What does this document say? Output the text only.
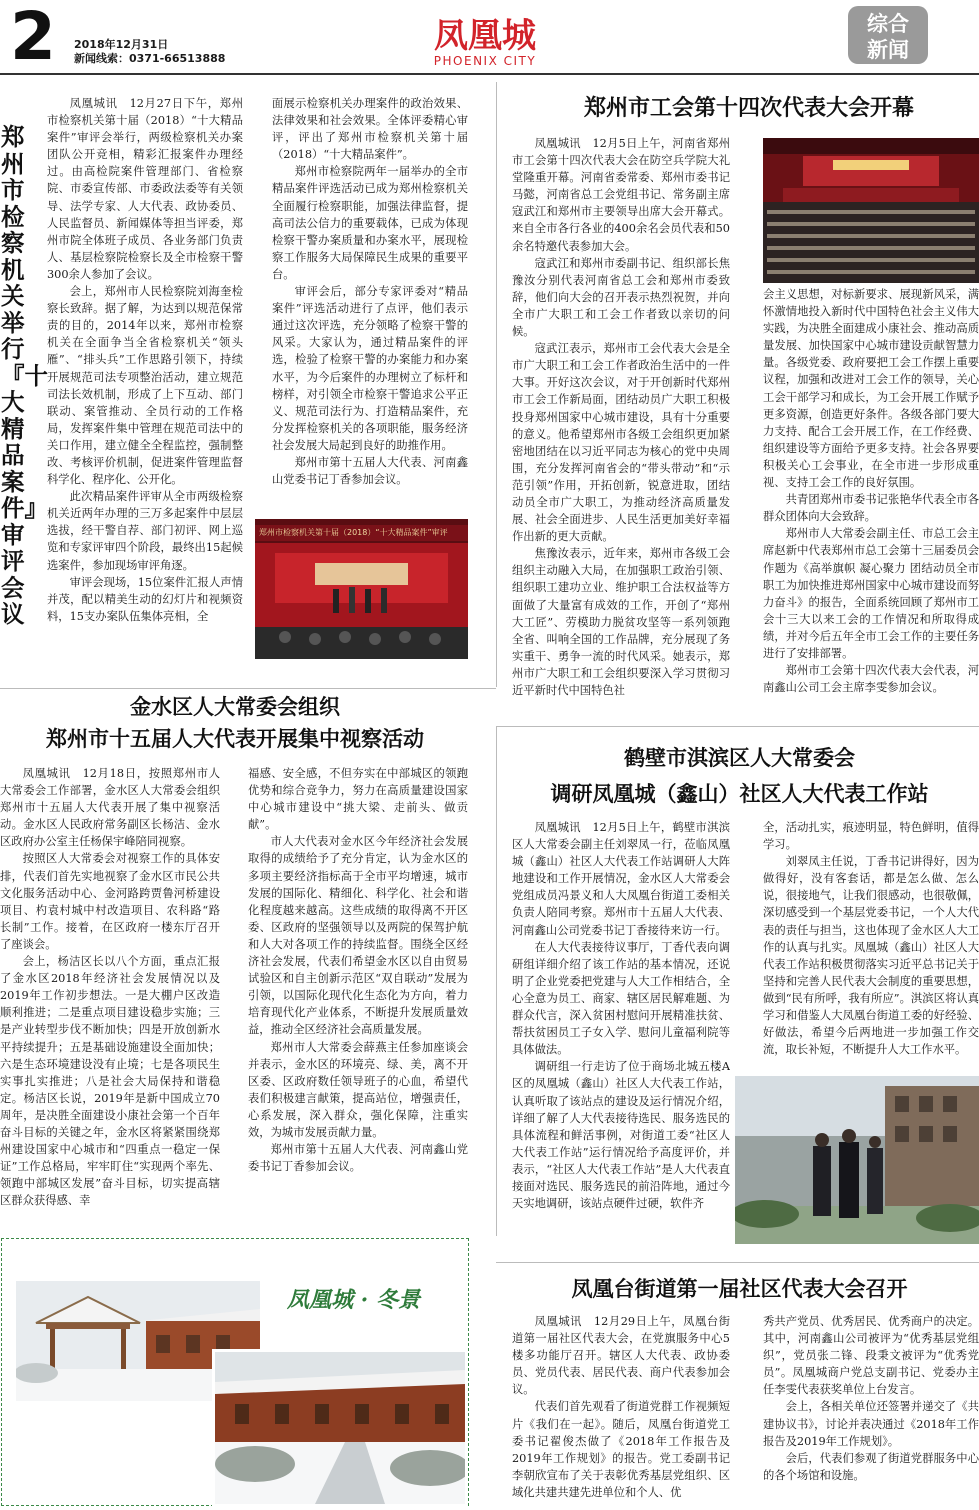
2 2018年12月31日
新闻线索：0371-66513888
凤凰城
PHOENIX CITY
综合新闻
郑州市检察机关举行『十大精品案件』审评会议

凤凰城讯　12月27日下午，郑州市检察机关第十届（2018）“十大精品案件”审评会举行，两级检察机关办案团队公开竞相，精彩汇报案件办理经过。由高检院案件管理部门、省检察院、市委宣传部、市委政法委等有关领导、法学专家、人大代表、政协委员、人民监督员、新闻媒体等担当评委，郑州市院全体班子成员、各业务部门负责人、基层检察院检察长及全市检察干警300余人参加了会议。

会上，郑州市人民检察院刘海奎检察长致辞。据了解，为达到以规范保常责的目的，2014年以来，郑州市检察机关在全面争当全省检察机关“领头雁”、“排头兵”工作思路引领下，持续开展规范司法专项整治活动，建立规范司法长效机制，形成了上下互动、部门联动、案管推动、全员行动的工作格局，发挥案件集中管理在规范司法中的关口作用，建立健全全程监控，强制整改、考核评价机制，促进案件管理监督科学化、程序化、公开化。

此次精品案件评审从全市两级检察机关近两年办理的三万多起案件中层层选拔，经干警自荐、部门初评、网上巡览和专家评审四个阶段，最终出15起候选案件，参加现场审评角逐。

审评会现场，15位案件汇报人声情并茂，配以精美生动的幻灯片和视频资料，15支办案队伍集体亮相，全

面展示检察机关办理案件的政治效果、法律效果和社会效果。全体评委精心审评，评出了郑州市检察机关第十届（2018）“十大精品案件”。

郑州市检察院两年一届举办的全市精品案件评选活动已成为郑州检察机关全面履行检察职能，加强法律监督，提高司法公信力的重要载体，已成为体现检察干警办案质量和办案水平，展现检察工作服务大局保障民生成果的重要平台。

审评会后，部分专家评委对“精品案件”评选活动进行了点评，他们表示通过这次评选，充分领略了检察干警的风采。大家认为，通过精品案件的评选，检验了检察干警的办案能力和办案水平，为今后案件的办理树立了标杆和榜样，对引领全市检察干警追求公平正义、规范司法行为、打造精品案件，充分发挥检察机关的各项职能，服务经济社会发展大局起到良好的助推作用。

郑州市第十五届人大代表、河南鑫山党委书记丁香参加会议。

郑州市检察机关第十届（2018）“十大精品案件”审评
郑州市工会第十四次代表大会开幕

凤凰城讯　12月5日上午，河南省郑州市工会第十四次代表大会在防空兵学院大礼堂隆重开幕。河南省委常委、郑州市委书记马懿，河南省总工会党组书记、常务副主席寇武江和郑州市主要领导出席大会开幕式。来自全市各行各业的400余名会员代表和50余名特邀代表参加大会。

寇武江和郑州市委副书记、组织部长焦豫汝分别代表河南省总工会和郑州市委致辞，他们向大会的召开表示热烈祝贺，并向全市广大职工和工会工作者致以亲切的问候。

寇武江表示，郑州市工会代表大会是全市广大职工和工会工作者政治生活中的一件大事。开好这次会议，对于开创新时代郑州市工会工作新局面，团结动员广大职工积极投身郑州国家中心城市建设，具有十分重要的意义。他希望郑州市各级工会组织更加紧密地团结在以习近平同志为核心的党中央周围，充分发挥河南省会的“带头带动”和“示范引领”作用，开拓创新，锐意进取，团结动员全市广大职工，为推动经济高质量发展、社会全面进步、人民生活更加美好幸福作出新的更大贡献。

焦豫汝表示，近年来，郑州市各级工会组织主动融入大局，在加强职工政治引领、组织职工建功立业、维护职工合法权益等方面做了大量富有成效的工作，开创了“郑州大工匠”、劳模助力脱贫攻坚等一系列领跑全省、叫响全国的工作品牌，充分展现了务实重干、勇争一流的时代风采。她表示，郑州市广大职工和工会组织要深入学习贯彻习近平新时代中国特色社

会主义思想，对标新要求、展现新风采，满怀激情地投入新时代中国特色社会主义伟大实践，为决胜全面建成小康社会、推动高质量发展、加快国家中心城市建设贡献智慧力量。各级党委、政府要把工会工作摆上重要议程，加强和改进对工会工作的领导，关心工会干部学习和成长，为工会开展工作赋予更多资源，创造更好条件。各级各部门要大力支持、配合工会开展工作，在工作经费、组织建设等方面给予更多支持。社会各界要积极关心工会事业，在全市进一步形成重视、支持工会工作的良好氛围。

共青团郑州市委书记张艳华代表全市各群众团体向大会致辞。

郑州市人大常委会副主任、市总工会主席赵新中代表郑州市总工会第十三届委员会作题为《高举旗帜 凝心聚力 团结动员全市职工为加快推进郑州国家中心城市建设而努力奋斗》的报告，全面系统回顾了郑州市工会十三大以来工会的工作情况和所取得成绩，并对今后五年全市工会工作的主要任务进行了安排部署。

郑州市工会第十四次代表大会代表，河南鑫山公司工会主席李雯参加会议。

金水区人大常委会组织
郑州市十五届人大代表开展集中视察活动

凤凰城讯　12月18日，按照郑州市人大常委会工作部署，金水区人大常委会组织郑州市十五届人大代表开展了集中视察活动。金水区人民政府常务副区长杨洁、金水区政府办公室主任杨保宇峰陪同视察。

按照区人大常委会对视察工作的具体安排，代表们首先实地视察了金水区市民公共文化服务活动中心、金河路跨贾鲁河桥建设项目、杓袁村城中村改造项目、农科路“路长制”工作。接着，在区政府一楼东厅召开了座谈会。

会上，杨洁区长以八个方面，重点汇报了金水区2018年经济社会发展情况以及2019年工作初步想法。一是大棚户区改造顺利推进；二是重点项目建设稳步实施；三是产业转型步伐不断加快；四是开放创新水平持续提升；五是基础设施建设全面加快；六是生态环境建设没有止境；七是各项民生实事扎实推进；八是社会大局保持和谐稳定。杨洁区长说，2019年是新中国成立70周年，是决胜全面建设小康社会第一个百年奋斗目标的关键之年，金水区将紧紧围绕郑州建设国家中心城市和“四重点一稳定一保证”工作总格局，牢牢盯住“实现两个率先、领跑中部城区发展”奋斗目标，切实提高辖区群众获得感、幸

福感、安全感，不但夯实在中部城区的领跑优势和综合竞争力，努力在高质量建设国家中心城市建设中“挑大梁、走前头、做贡献”。

市人大代表对金水区今年经济社会发展取得的成绩给予了充分肯定，认为金水区的多项主要经济指标高于全市平均增速，城市发展的国际化、精细化、科学化、社会和谐化程度越来越高。这些成绩的取得离不开区委、区政府的坚强领导以及两院的保驾护航和人大对各项工作的持续监督。围绕全区经济社会发展，代表们希望金水区以自由贸易试验区和自主创新示范区“双自联动”发展为引领，以国际化现代化生态化为方向，着力培育现代化产业体系，不断提升发展质量效益，推动全区经济社会高质量发展。

郑州市人大常委会薛燕主任参加座谈会并表示，金水区的环境亮、绿、美，离不开区委、区政府数任领导班子的心血，希望代表们积极建言献策，提高站位，增强责任，心系发展，深入群众，强化保障，注重实效，为城市发展贡献力量。

郑州市第十五届人大代表、河南鑫山党委书记丁香参加会议。

鹤壁市淇滨区人大常委会
调研凤凰城（鑫山）社区人大代表工作站

凤凰城讯　12月5日上午，鹤壁市淇滨区人大常委会副主任刘翠凤一行，莅临凤凰城（鑫山）社区人大代表工作站调研人大阵地建设和工作开展情况，金水区人大常委会党组成员冯景义和人大凤凰台街道工委相关负责人陪同考察。郑州市十五届人大代表、河南鑫山公司党委书记丁香接待来访一行。

在人大代表接待议事厅，丁香代表向调研组详细介绍了该工作站的基本情况，还说明了企业党委把党建与人大工作相结合，全心全意为员工、商家、辖区居民解难题、为群众代言，深入贫困村慰问开展精准扶贫、帮扶贫困员工子女入学、慰问儿童福利院等具体做法。

调研组一行走访了位于商场北城五楼A区的凤凰城（鑫山）社区人大代表工作站，认真听取了该站点的建设及运行情况介绍，详细了解了人大代表接待选民、服务选民的具体流程和鲜活事例，对街道工委“社区人大代表工作站”运行情况给予高度评价，并表示，“社区人大代表工作站”是人大代表直接面对选民、服务选民的前沿阵地，通过今天实地调研，该站点硬件过硬，软件齐

全，活动扎实，痕迹明显，特色鲜明，值得学习。

刘翠凤主任说，丁香书记讲得好，因为做得好，没有客套话，都是怎么做、怎么说，很接地气，让我们很感动，也很敬佩，深切感受到一个基层党委书记，一个人大代表的责任与担当，这也体现了金水区人大工作的认真与扎实。凤凰城（鑫山）社区人大代表工作站积极贯彻落实习近平总书记关于坚持和完善人民代表大会制度的重要思想，做到“民有所呼，我有所应”。淇滨区将认真学习和借鉴人大凤凰台街道工委的好经验、好做法，希望今后两地进一步加强工作交流，取长补短，不断提升人大工作水平。

凤凰城 · 冬景	凤凰台街道第一届社区代表大会召开

凤凰城讯　12月29日上午，凤凰台街道第一届社区代表大会，在党旗服务中心5楼多功能厅召开。辖区人大代表、政协委员、党员代表、居民代表、商户代表参加会议。

代表们首先观看了街道党群工作视频短片《我们在一起》。随后，凤凰台街道党工委书记翟俊杰做了《2018年工作报告及2019年工作规划》的报告。党工委副书记李朝欣宣布了关于表彰优秀基层党组织、区域化共建共建先进单位和个人、优

秀共产党员、优秀居民、优秀商户的决定。其中，河南鑫山公司被评为“优秀基层党组织”，党员张二锋、段秉文被评为“优秀党员”。凤凰城商户党总支副书记、党委办主任李雯代表获奖单位上台发言。

会上，各相关单位还签署并递交了《共建协议书》，讨论并表决通过《2018年工作报告及2019年工作规划》。

会后，代表们参观了街道党群服务中心的各个场馆和设施。
